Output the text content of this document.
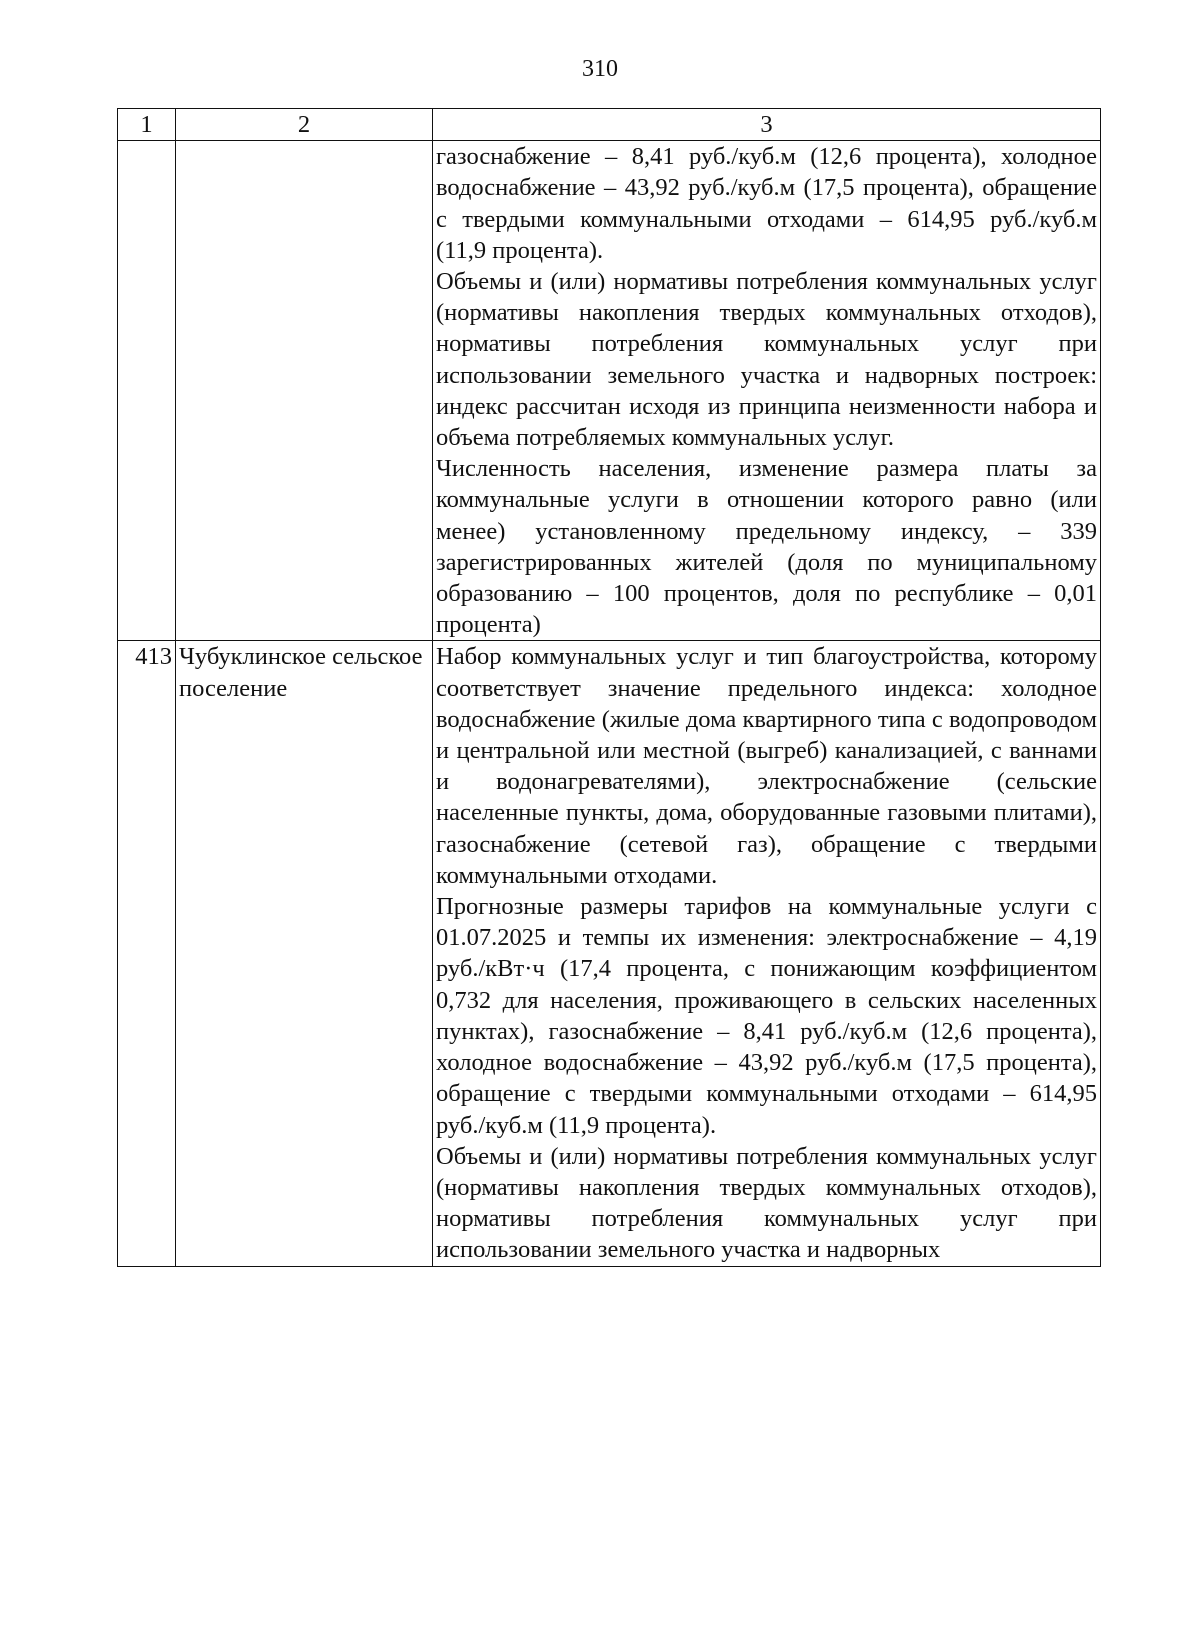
310
1	2	3

		газоснабжение – 8,41 руб./куб.м (12,6 процента), холодное водоснабжение – 43,92 руб./куб.м (17,5 процента), обращение с твердыми коммунальными отходами – 614,95 руб./куб.м (11,9 процента).
Объемы и (или) нормативы потребления коммунальных услуг (нормативы накопления твердых коммунальных отходов), нормативы потребления коммунальных услуг при использовании земельного участка и надворных построек: индекс рассчитан исходя из принципа неизменности набора и объема потребляемых коммунальных услуг.
Численность населения, изменение размера платы за коммунальные услуги в отношении которого равно (или менее) установленному предельному индексу, – 339 зарегистрированных жителей (доля по муниципальному образованию – 100 процентов, доля по республике – 0,01 процента)

413	Чубуклинское сельское поселение	Набор коммунальных услуг и тип благоустройства, которому соответствует значение предельного индекса: холодное водоснабжение (жилые дома квартирного типа с водопроводом и центральной или местной (выгреб) канализацией, с ваннами и водонагревателями), электроснабжение (сельские населенные пункты, дома, оборудованные газовыми плитами), газоснабжение (сетевой газ), обращение с твердыми коммунальными отходами.
Прогнозные размеры тарифов на коммунальные услуги с 01.07.2025 и темпы их изменения: электроснабжение – 4,19 руб./кВт·ч (17,4 процента, с понижающим коэффициентом 0,732 для населения, проживающего в сельских населенных пунктах), газоснабжение – 8,41 руб./куб.м (12,6 процента), холодное водоснабжение – 43,92 руб./куб.м (17,5 процента), обращение с твердыми коммунальными отходами – 614,95 руб./куб.м (11,9 процента).
Объемы и (или) нормативы потребления коммунальных услуг (нормативы накопления твердых коммунальных отходов), нормативы потребления коммунальных услуг при использовании земельного участка и надворных
